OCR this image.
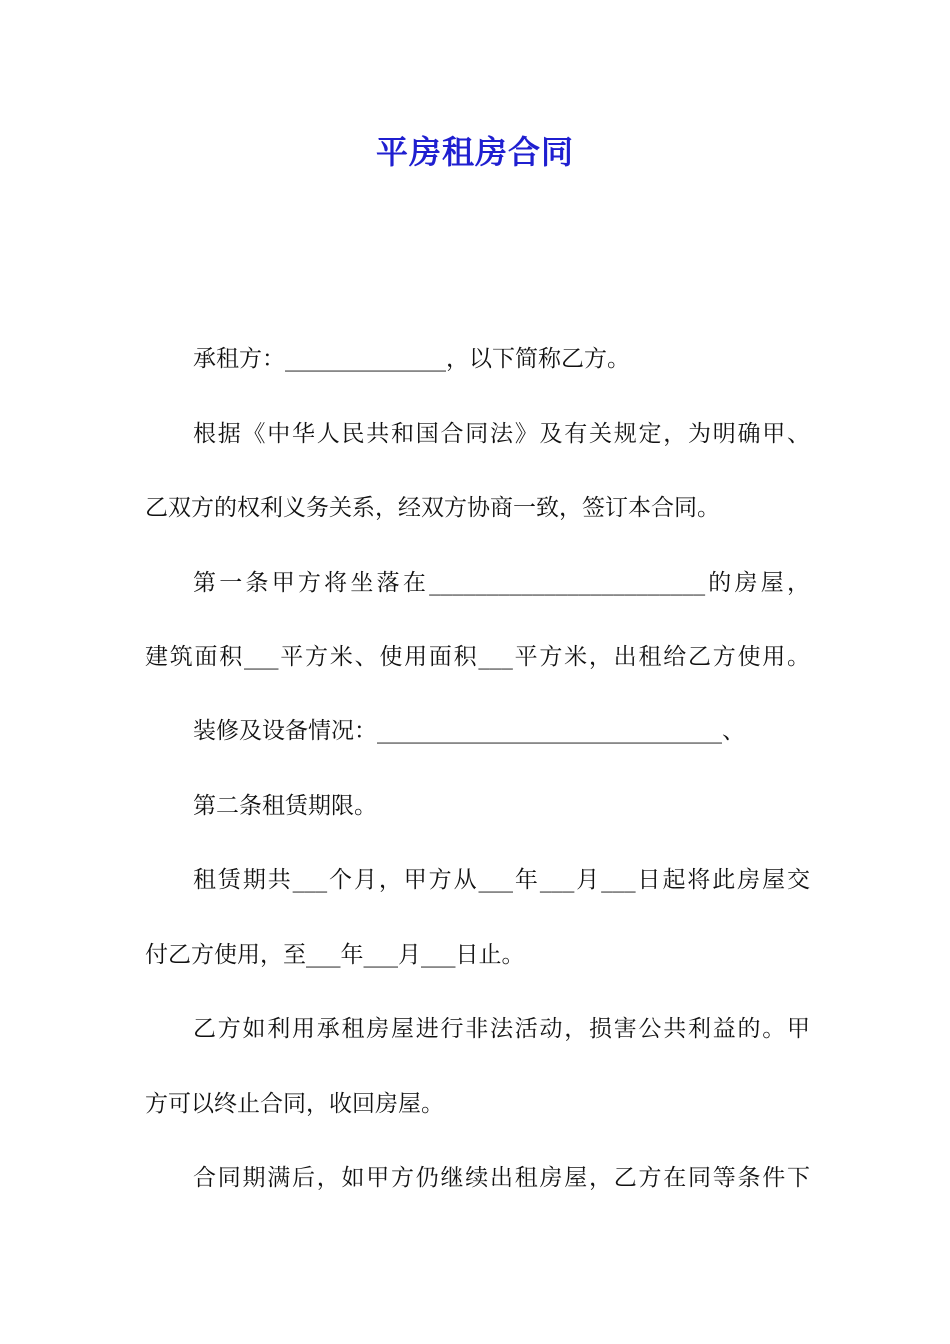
平房租房合同
承租方：______________，以下简称乙方。
根据《中华人民共和国合同法》及有关规定，为明确甲、
乙双方的权利义务关系，经双方协商一致，签订本合同。
第一条甲方将坐落在________________________的房屋，
建筑面积___平方米、使用面积___平方米，出租给乙方使用。
装修及设备情况：______________________________、
第二条租赁期限。
租赁期共___个月，甲方从___年___月___日起将此房屋交
付乙方使用，至___年___月___日止。
乙方如利用承租房屋进行非法活动，损害公共利益的。甲
方可以终止合同，收回房屋。
合同期满后，如甲方仍继续出租房屋，乙方在同等条件下
